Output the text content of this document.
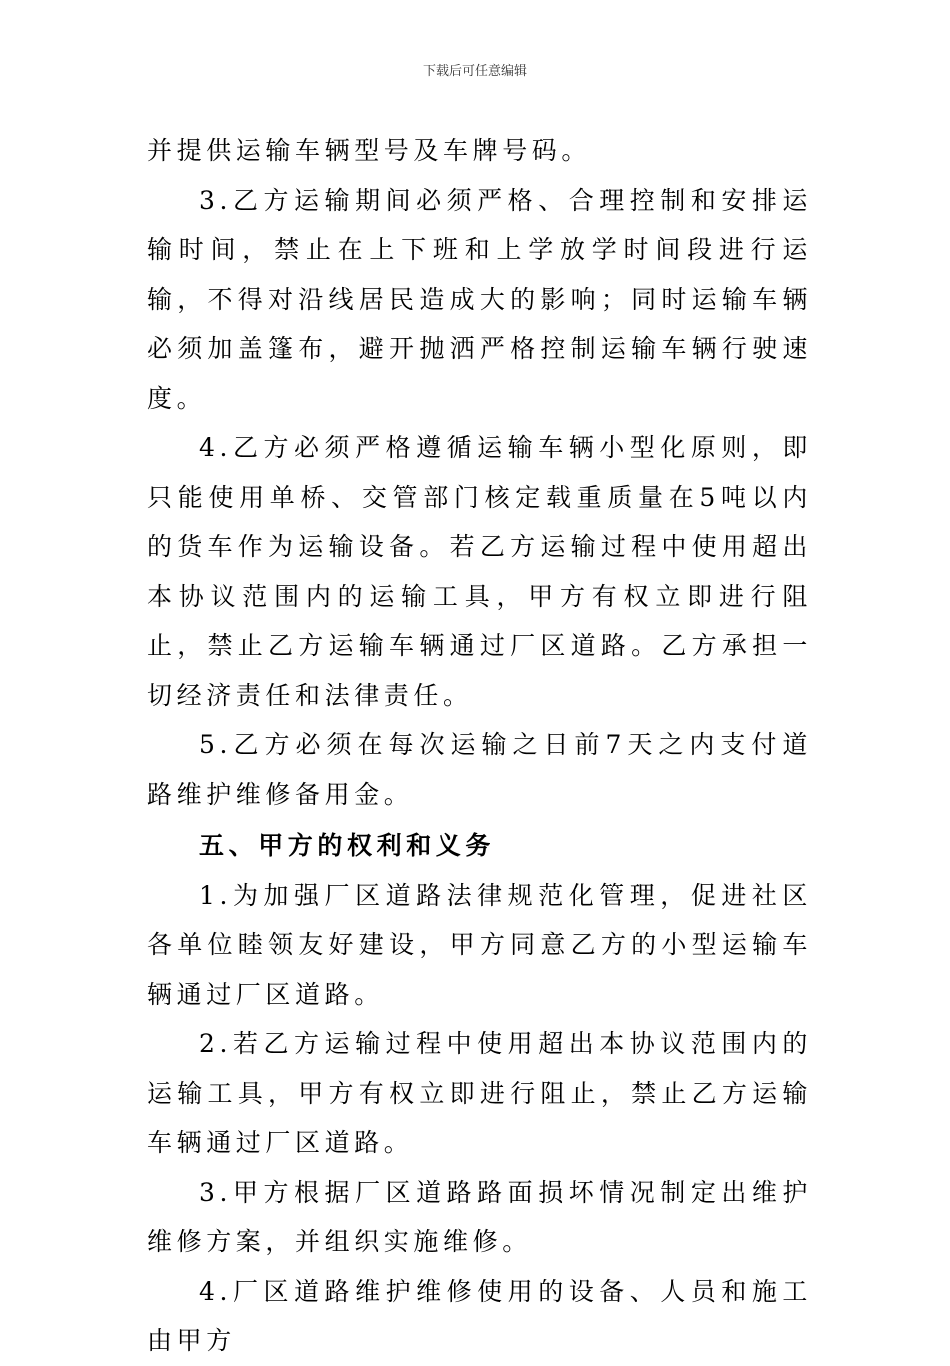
下载后可任意编辑

并提供运输车辆型号及车牌号码。

3.乙方运输期间必须严格、合理控制和安排运输时间，禁止在上下班和上学放学时间段进行运输，不得对沿线居民造成大的影响；同时运输车辆必须加盖篷布，避开抛洒严格控制运输车辆行驶速度。

4.乙方必须严格遵循运输车辆小型化原则，即只能使用单桥、交管部门核定载重质量在5吨以内的货车作为运输设备。若乙方运输过程中使用超出本协议范围内的运输工具，甲方有权立即进行阻止，禁止乙方运输车辆通过厂区道路。乙方承担一切经济责任和法律责任。

5.乙方必须在每次运输之日前7天之内支付道路维护维修备用金。

五、甲方的权利和义务

1.为加强厂区道路法律规范化管理，促进社区各单位睦领友好建设，甲方同意乙方的小型运输车辆通过厂区道路。

2.若乙方运输过程中使用超出本协议范围内的运输工具，甲方有权立即进行阻止，禁止乙方运输车辆通过厂区道路。

3.甲方根据厂区道路路面损坏情况制定出维护维修方案，并组织实施维修。

4.厂区道路维护维修使用的设备、人员和施工由甲方
